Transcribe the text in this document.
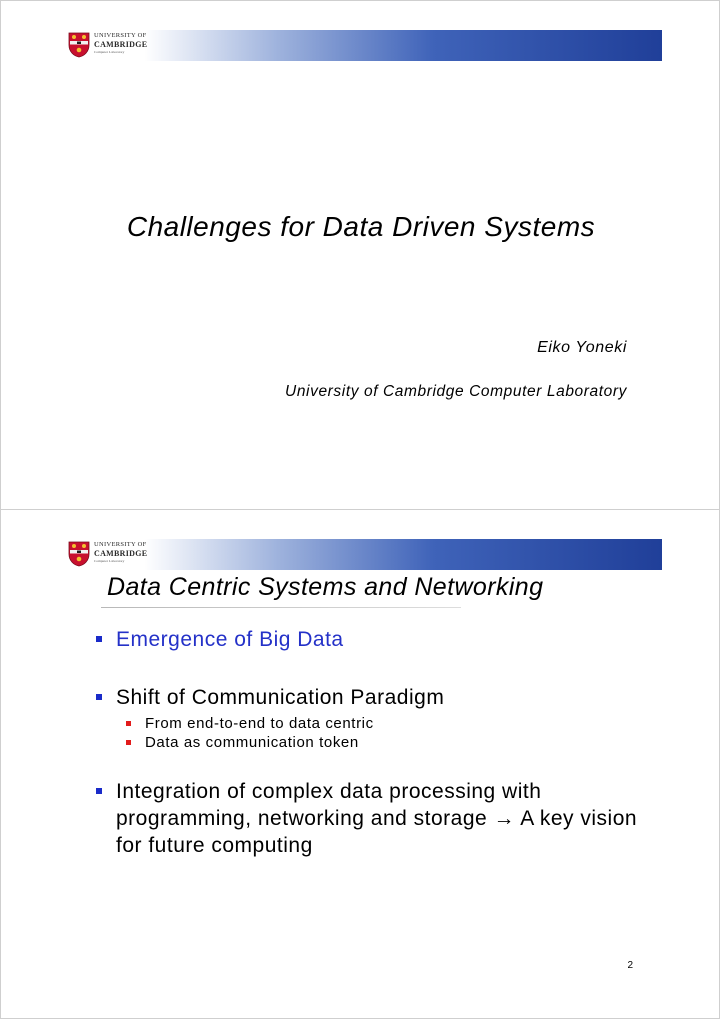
UNIVERSITY OF
CAMBRIDGE
Computer Laboratory
Challenges for Data Driven Systems
Eiko Yoneki
University of Cambridge Computer Laboratory
UNIVERSITY OF
CAMBRIDGE
Computer Laboratory
Data Centric Systems and Networking
Emergence of Big Data
Shift of Communication Paradigm
From end-to-end to data centric
Data as communication token
Integration of complex data processing with programming, networking and storage → A key vision for future computing
2
